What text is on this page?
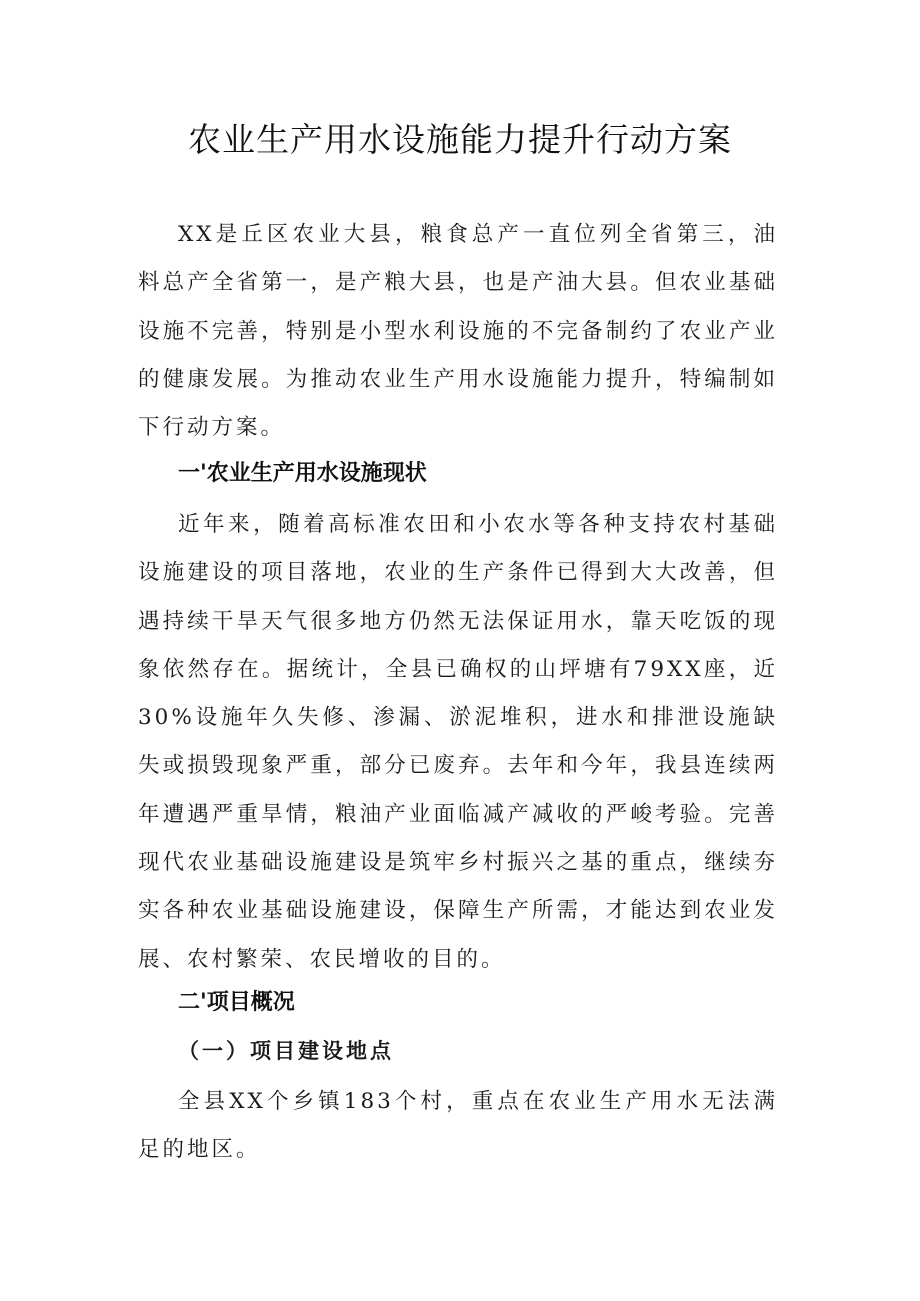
农业生产用水设施能力提升行动方案

XX是丘区农业大县，粮食总产一直位列全省第三，油料总产全省第一，是产粮大县，也是产油大县。但农业基础设施不完善，特别是小型水利设施的不完备制约了农业产业的健康发展。为推动农业生产用水设施能力提升，特编制如下行动方案。

一'农业生产用水设施现状

近年来，随着高标准农田和小农水等各种支持农村基础设施建设的项目落地，农业的生产条件已得到大大改善，但遇持续干旱天气很多地方仍然无法保证用水，靠天吃饭的现象依然存在。据统计，全县已确权的山坪塘有79XX座，近30%设施年久失修、渗漏、淤泥堆积，进水和排泄设施缺失或损毁现象严重，部分已废弃。去年和今年，我县连续两年遭遇严重旱情，粮油产业面临减产减收的严峻考验。完善现代农业基础设施建设是筑牢乡村振兴之基的重点，继续夯实各种农业基础设施建设，保障生产所需，才能达到农业发展、农村繁荣、农民增收的目的。

二'项目概况
（一）项目建设地点

全县XX个乡镇183个村，重点在农业生产用水无法满足的地区。
